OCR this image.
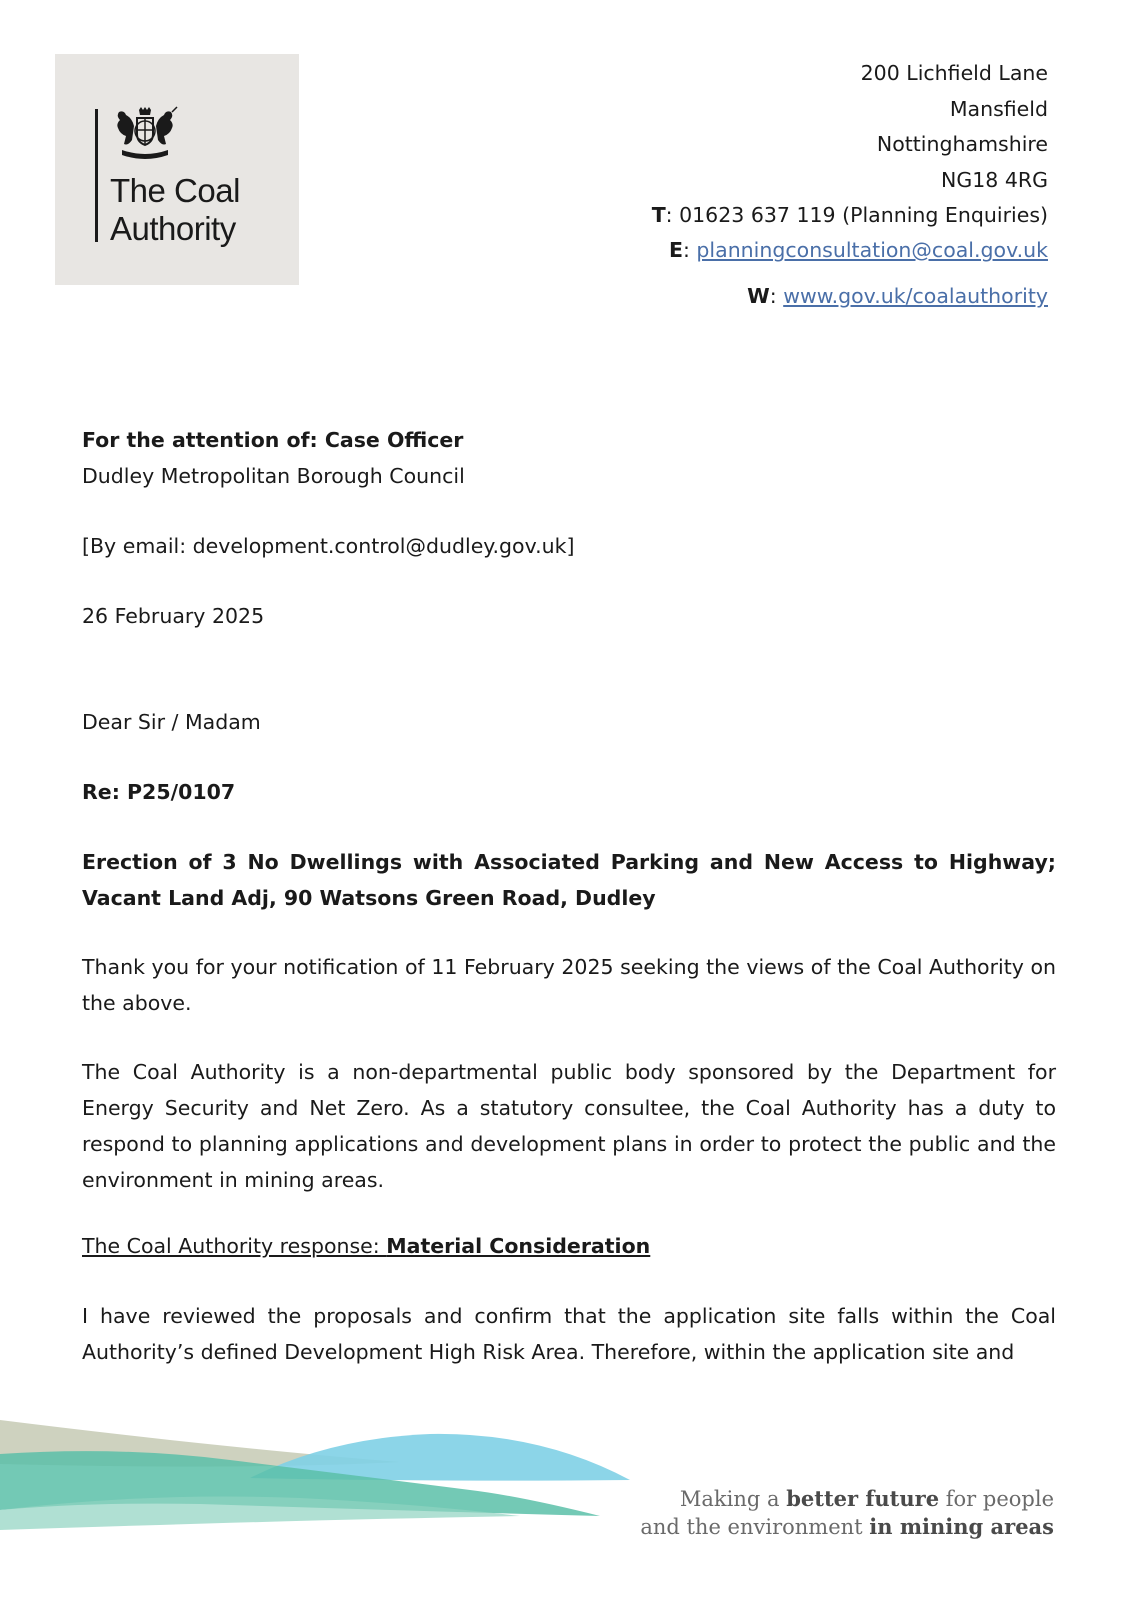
The Coal
Authority
200 Lichfield Lane
Mansfield
Nottinghamshire
NG18 4RG
T: 01623 637 119 (Planning Enquiries)
E: planningconsultation@coal.gov.uk
W: www.gov.uk/coalauthority
For the attention of: Case Officer
Dudley Metropolitan Borough Council
[By email: development.control@dudley.gov.uk]
26 February 2025
Dear Sir / Madam
Re: P25/0107
Erection of 3 No Dwellings with Associated Parking and New Access to Highway; Vacant Land Adj, 90 Watsons Green Road, Dudley
Thank you for your notification of 11 February 2025 seeking the views of the Coal Authority on the above.
The Coal Authority is a non-departmental public body sponsored by the Department for Energy Security and Net Zero. As a statutory consultee, the Coal Authority has a duty to respond to planning applications and development plans in order to protect the public and the environment in mining areas.
The Coal Authority response: Material Consideration
I have reviewed the proposals and confirm that the application site falls within the Coal Authority’s defined Development High Risk Area. Therefore, within the application site and
Making a better future for people
and the environment in mining areas
